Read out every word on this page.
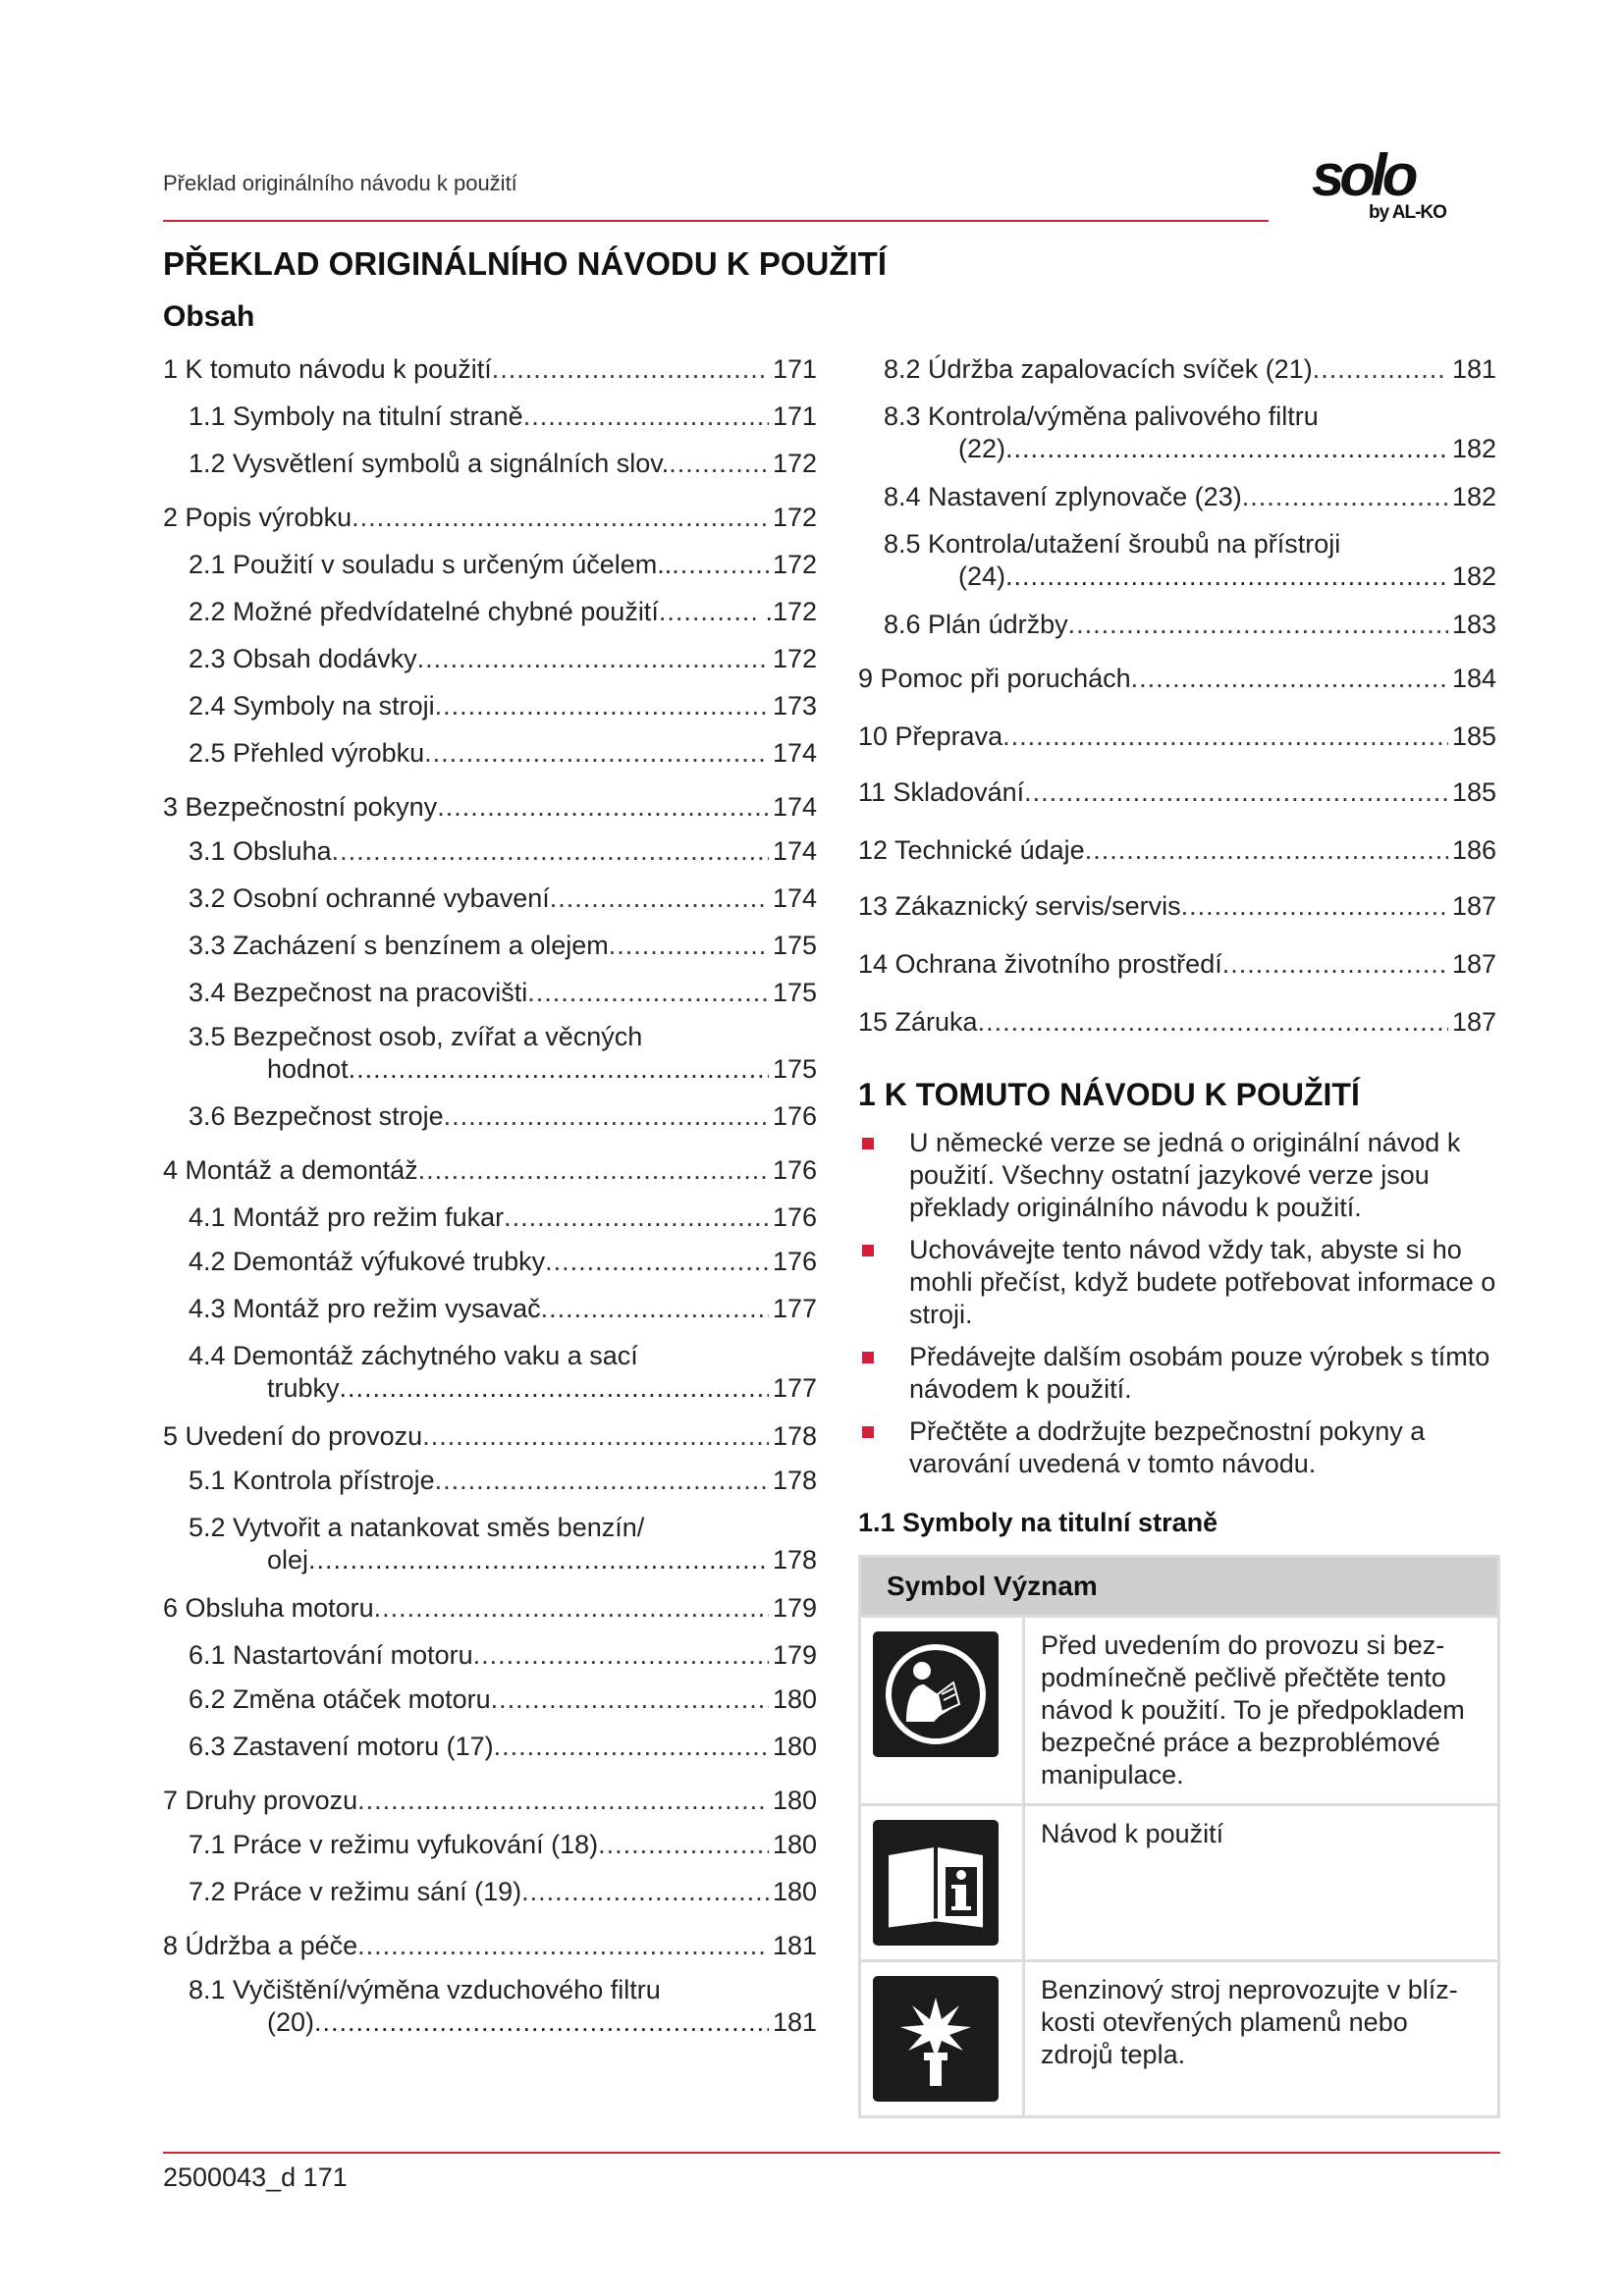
Překlad originálního návodu k použití	solo
by AL-KO
PŘEKLAD ORIGINÁLNÍHO NÁVODU K POUŽITÍ
Obsah
1 K tomuto návodu k použití .....	171
1.1 Symboly na titulní straně .....	171
1.2 Vysvětlení symbolů a signálních slov. .....	172
2 Popis výrobku .....	172
2.1 Použití v souladu s určeným účelem.. .....	172
2.2 Možné předvídatelné chybné použití .....	.172
2.3 Obsah dodávky .....	172
2.4 Symboly na stroji .....	173
2.5 Přehled výrobku .....	174
3 Bezpečnostní pokyny .....	174
3.1 Obsluha .....	174
3.2 Osobní ochranné vybavení .....	174
3.3 Zacházení s benzínem a olejem .....	175
3.4 Bezpečnost na pracovišti .....	175
3.5 Bezpečnost osob, zvířat a věcných
hodnot .....	175
3.6 Bezpečnost stroje .....	176
4 Montáž a demontáž .....	176
4.1 Montáž pro režim fukar .....	176
4.2 Demontáž výfukové trubky .....	176
4.3 Montáž pro režim vysavač .....	177
4.4 Demontáž záchytného vaku a sací
trubky .....	177
5 Uvedení do provozu .....	178
5.1 Kontrola přístroje .....	178
5.2 Vytvořit a natankovat směs benzín/
olej .....	178
6 Obsluha motoru .....	179
6.1 Nastartování motoru .....	179
6.2 Změna otáček motoru .....	180
6.3 Zastavení motoru (17) .....	180
7 Druhy provozu .....	180
7.1 Práce v režimu vyfukování (18) .....	180
7.2 Práce v režimu sání (19) .....	180
8 Údržba a péče .....	181
8.1 Vyčištění/výměna vzduchového filtru
(20) .....	181
8.2 Údržba zapalovacích svíček (21) .....	181
8.3 Kontrola/výměna palivového filtru
(22) .....	182
8.4 Nastavení zplynovače (23) .....	182
8.5 Kontrola/utažení šroubů na přístroji
(24) .....	182
8.6 Plán údržby .....	183
9 Pomoc při poruchách .....	184
10 Přeprava .....	185
11 Skladování .....	185
12 Technické údaje .....	186
13 Zákaznický servis/servis .....	187
14 Ochrana životního prostředí .....	187
15 Záruka .....	187
1 K TOMUTO NÁVODU K POUŽITÍ
U německé verze se jedná o originální návod k použití. Všechny ostatní jazykové verze jsou překlady originálního návodu k použití.
Uchovávejte tento návod vždy tak, abyste si ho mohli přečíst, když budete potřebovat informace o stroji.
Předávejte dalším osobám pouze výrobek s tímto návodem k použití.
Přečtěte a dodržujte bezpečnostní pokyny a varování uvedená v tomto návodu.
1.1 Symboly na titulní straně
Symbol Význam	

	Před uvedením do provozu si bezpodmínečně pečlivě přečtěte tento návod k použití. To je předpokladem bezpečné práce a bezproblémové manipulace.

	Návod k použití

	Benzinový stroj neprovozujte v blízkosti otevřených plamenů nebo zdrojů tepla.
2500043_d 171
